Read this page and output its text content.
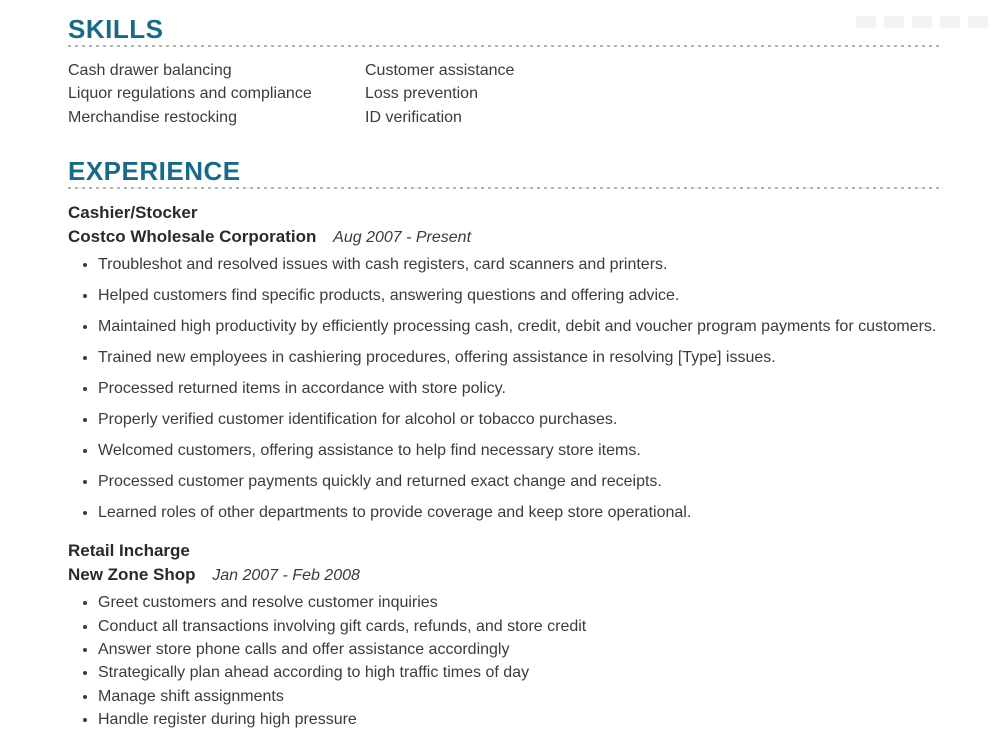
SKILLS
Cash drawer balancing
Liquor regulations and compliance
Merchandise restocking
Customer assistance
Loss prevention
ID verification
EXPERIENCE
Cashier/Stocker
Costco Wholesale Corporation Aug 2007 - Present
• Troubleshot and resolved issues with cash registers, card scanners and printers.
• Helped customers find specific products, answering questions and offering advice.
• Maintained high productivity by efficiently processing cash, credit, debit and voucher program payments for customers.
• Trained new employees in cashiering procedures, offering assistance in resolving [Type] issues.
• Processed returned items in accordance with store policy.
• Properly verified customer identification for alcohol or tobacco purchases.
• Welcomed customers, offering assistance to help find necessary store items.
• Processed customer payments quickly and returned exact change and receipts.
• Learned roles of other departments to provide coverage and keep store operational.
Retail Incharge
New Zone Shop Jan 2007 - Feb 2008
• Greet customers and resolve customer inquiries
• Conduct all transactions involving gift cards, refunds, and store credit
• Answer store phone calls and offer assistance accordingly
• Strategically plan ahead according to high traffic times of day
• Manage shift assignments
• Handle register during high pressure
